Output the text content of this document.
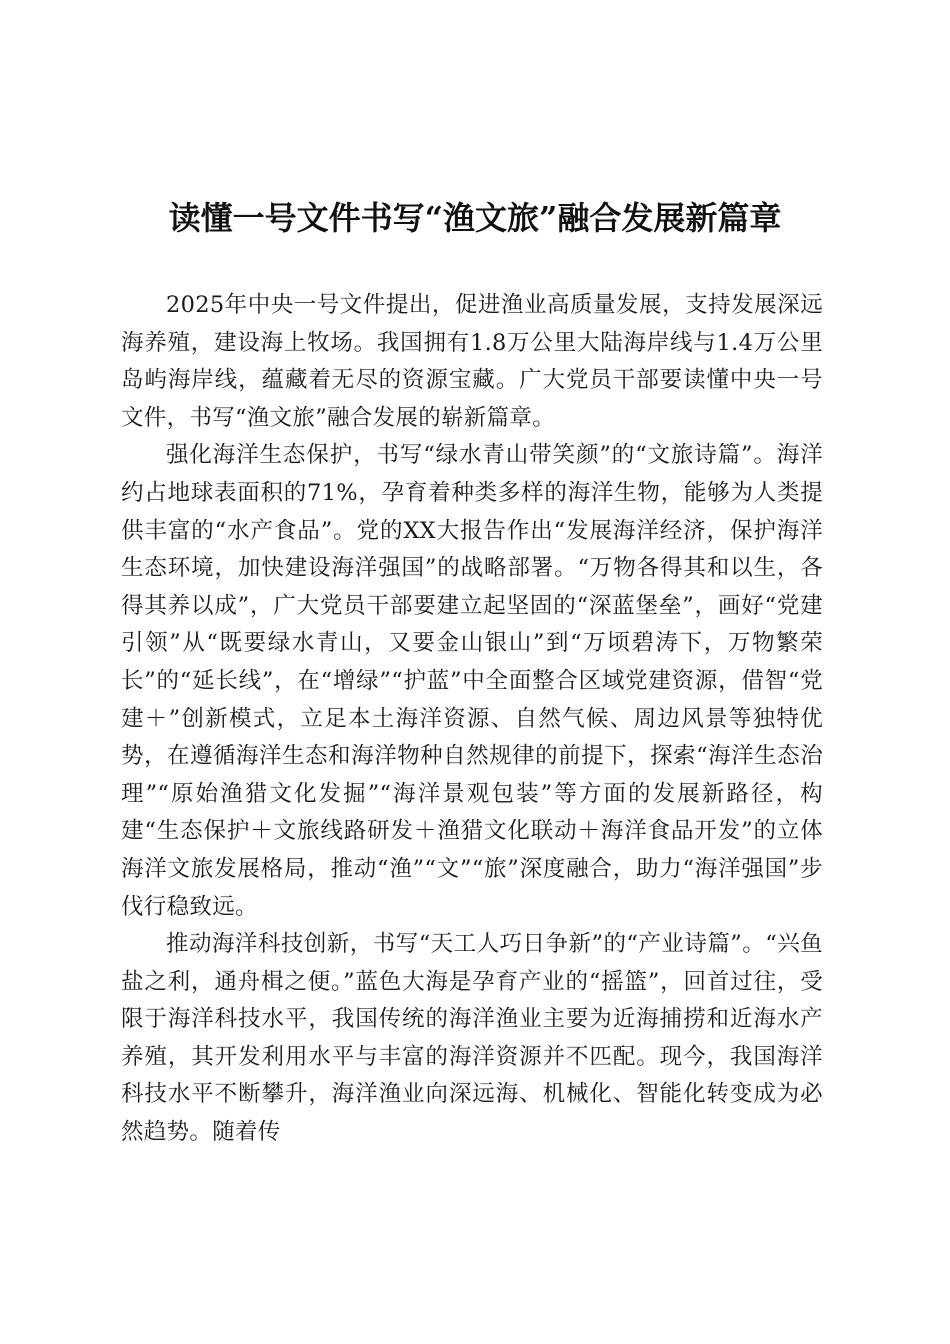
读懂一号文件书写“渔文旅”融合发展新篇章

2025年中央一号文件提出，促进渔业高质量发展，支持发展深远海养殖，建设海上牧场。我国拥有1.8万公里大陆海岸线与1.4万公里岛屿海岸线，蕴藏着无尽的资源宝藏。广大党员干部要读懂中央一号文件，书写“渔文旅”融合发展的崭新篇章。

强化海洋生态保护，书写“绿水青山带笑颜”的“文旅诗篇”。海洋约占地球表面积的71%，孕育着种类多样的海洋生物，能够为人类提供丰富的“水产食品”。党的XX大报告作出“发展海洋经济，保护海洋生态环境，加快建设海洋强国”的战略部署。“万物各得其和以生，各得其养以成”，广大党员干部要建立起坚固的“深蓝堡垒”，画好“党建引领”从“既要绿水青山，又要金山银山”到“万顷碧涛下，万物繁荣长”的“延长线”，在“增绿”“护蓝”中全面整合区域党建资源，借智“党建＋”创新模式，立足本土海洋资源、自然气候、周边风景等独特优势，在遵循海洋生态和海洋物种自然规律的前提下，探索“海洋生态治理”“原始渔猎文化发掘”“海洋景观包装”等方面的发展新路径，构建“生态保护＋文旅线路研发＋渔猎文化联动＋海洋食品开发”的立体海洋文旅发展格局，推动“渔”“文”“旅”深度融合，助力“海洋强国”步伐行稳致远。

推动海洋科技创新，书写“天工人巧日争新”的“产业诗篇”。“兴鱼盐之利，通舟楫之便。”蓝色大海是孕育产业的“摇篮”，回首过往，受限于海洋科技水平，我国传统的海洋渔业主要为近海捕捞和近海水产养殖，其开发利用水平与丰富的海洋资源并不匹配。现今，我国海洋科技水平不断攀升，海洋渔业向深远海、机械化、智能化转变成为必然趋势。随着传
